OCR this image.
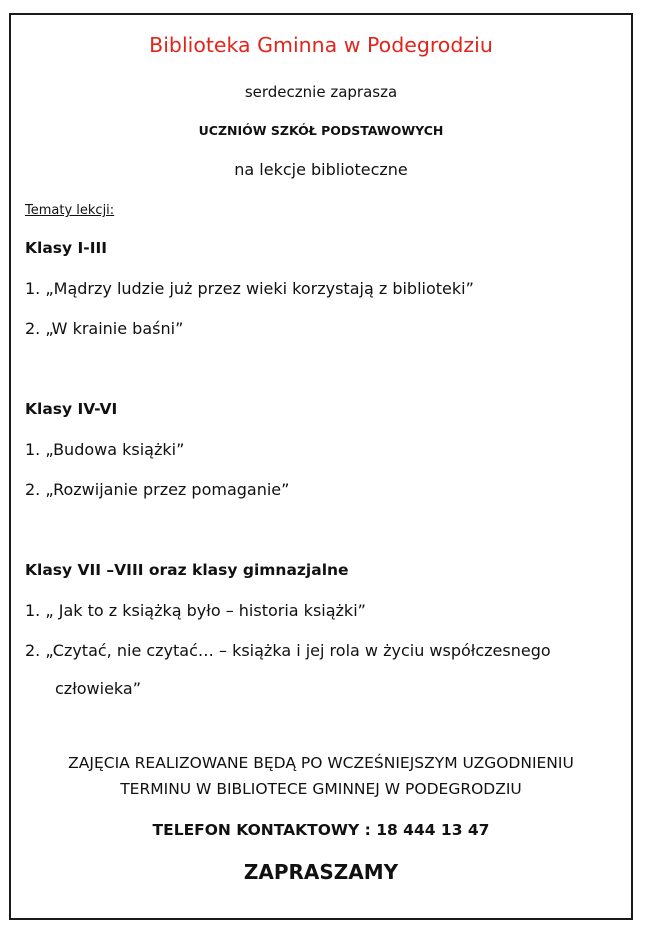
Biblioteka Gminna w Podegrodziu
serdecznie zaprasza
UCZNIÓW SZKÓŁ PODSTAWOWYCH
na lekcje biblioteczne
Tematy lekcji:
Klasy I-III
1. „Mądrzy ludzie już przez wieki korzystają z biblioteki”
2. „W krainie baśni”
Klasy IV-VI
1. „Budowa książki”
2. „Rozwijanie przez pomaganie”
Klasy VII –VIII oraz klasy gimnazjalne
1. „ Jak to z książką było – historia książki”
2. „Czytać, nie czytać… – książka i jej rola w życiu współczesnego
człowieka”
ZAJĘCIA REALIZOWANE BĘDĄ PO WCZEŚNIEJSZYM UZGODNIENIU
TERMINU W BIBLIOTECE GMINNEJ W PODEGRODZIU
TELEFON KONTAKTOWY : 18 444 13 47
ZAPRASZAMY
